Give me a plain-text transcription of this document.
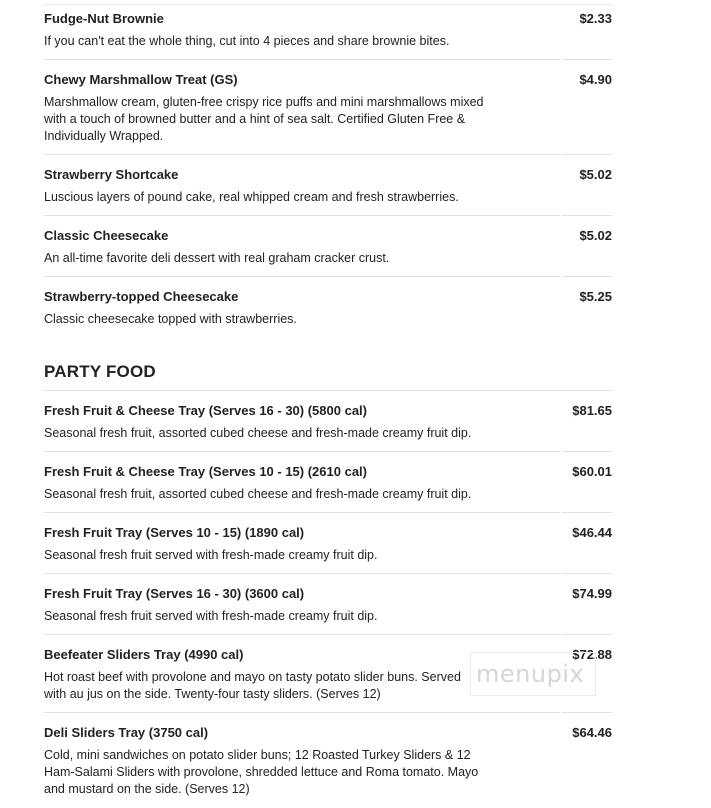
Fudge-Nut Brownie	$2.33
If you can't eat the whole thing, cut into 4 pieces and share brownie bites.
Chewy Marshmallow Treat (GS)	$4.90
Marshmallow cream, gluten-free crispy rice puffs and mini marshmallows mixed with a touch of browned butter and a hint of sea salt. Certified Gluten Free & Individually Wrapped.
Strawberry Shortcake	$5.02
Luscious layers of pound cake, real whipped cream and fresh strawberries.
Classic Cheesecake	$5.02
An all-time favorite deli dessert with real graham cracker crust.
Strawberry-topped Cheesecake	$5.25
Classic cheesecake topped with strawberries.
PARTY FOOD
Fresh Fruit & Cheese Tray (Serves 16 - 30) (5800 cal)	$81.65
Seasonal fresh fruit, assorted cubed cheese and fresh-made creamy fruit dip.
Fresh Fruit & Cheese Tray (Serves 10 - 15) (2610 cal)	$60.01
Seasonal fresh fruit, assorted cubed cheese and fresh-made creamy fruit dip.
Fresh Fruit Tray (Serves 10 - 15) (1890 cal)	$46.44
Seasonal fresh fruit served with fresh-made creamy fruit dip.
Fresh Fruit Tray (Serves 16 - 30) (3600 cal)	$74.99
Seasonal fresh fruit served with fresh-made creamy fruit dip.
Beefeater Sliders Tray (4990 cal)	$72.88
Hot roast beef with provolone and mayo on tasty potato slider buns. Served with au jus on the side. Twenty-four tasty sliders. (Serves 12)
Deli Sliders Tray (3750 cal)	$64.46
Cold, mini sandwiches on potato slider buns; 12 Roasted Turkey Sliders & 12 Ham-Salami Sliders with provolone, shredded lettuce and Roma tomato. Mayo and mustard on the side. (Serves 12)
menupix
